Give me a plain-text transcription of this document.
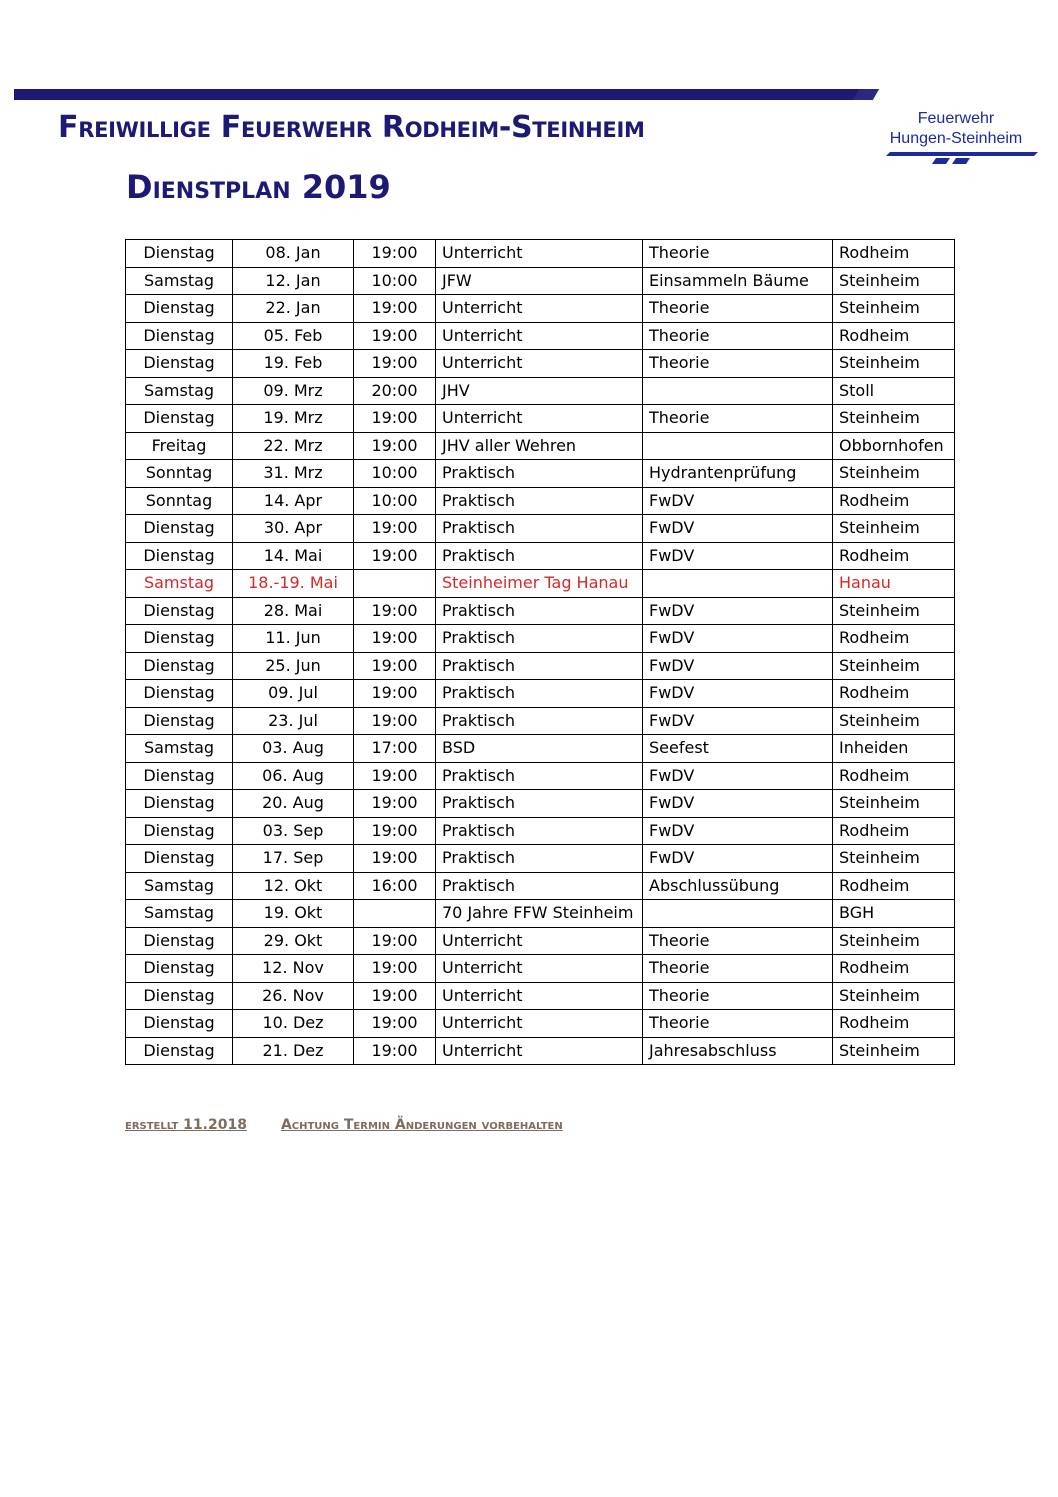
Freiwillige Feuerwehr Rodheim-Steinheim
Dienstplan 2019
Feuerwehr
Hungen-Steinheim
Dienstag	08. Jan	19:00	Unterricht	Theorie	Rodheim
Samstag	12. Jan	10:00	JFW	Einsammeln Bäume	Steinheim
Dienstag	22. Jan	19:00	Unterricht	Theorie	Steinheim
Dienstag	05. Feb	19:00	Unterricht	Theorie	Rodheim
Dienstag	19. Feb	19:00	Unterricht	Theorie	Steinheim
Samstag	09. Mrz	20:00	JHV		Stoll
Dienstag	19. Mrz	19:00	Unterricht	Theorie	Steinheim
Freitag	22. Mrz	19:00	JHV aller Wehren		Obbornhofen
Sonntag	31. Mrz	10:00	Praktisch	Hydrantenprüfung	Steinheim
Sonntag	14. Apr	10:00	Praktisch	FwDV	Rodheim
Dienstag	30. Apr	19:00	Praktisch	FwDV	Steinheim
Dienstag	14. Mai	19:00	Praktisch	FwDV	Rodheim
Samstag	18.-19. Mai		Steinheimer Tag Hanau		Hanau
Dienstag	28. Mai	19:00	Praktisch	FwDV	Steinheim
Dienstag	11. Jun	19:00	Praktisch	FwDV	Rodheim
Dienstag	25. Jun	19:00	Praktisch	FwDV	Steinheim
Dienstag	09. Jul	19:00	Praktisch	FwDV	Rodheim
Dienstag	23. Jul	19:00	Praktisch	FwDV	Steinheim
Samstag	03. Aug	17:00	BSD	Seefest	Inheiden
Dienstag	06. Aug	19:00	Praktisch	FwDV	Rodheim
Dienstag	20. Aug	19:00	Praktisch	FwDV	Steinheim
Dienstag	03. Sep	19:00	Praktisch	FwDV	Rodheim
Dienstag	17. Sep	19:00	Praktisch	FwDV	Steinheim
Samstag	12. Okt	16:00	Praktisch	Abschlussübung	Rodheim
Samstag	19. Okt		70 Jahre FFW Steinheim		BGH
Dienstag	29. Okt	19:00	Unterricht	Theorie	Steinheim
Dienstag	12. Nov	19:00	Unterricht	Theorie	Rodheim
Dienstag	26. Nov	19:00	Unterricht	Theorie	Steinheim
Dienstag	10. Dez	19:00	Unterricht	Theorie	Rodheim
Dienstag	21. Dez	19:00	Unterricht	Jahresabschluss	Steinheim
erstellt 11.2018 Achtung Termin Änderungen vorbehalten
